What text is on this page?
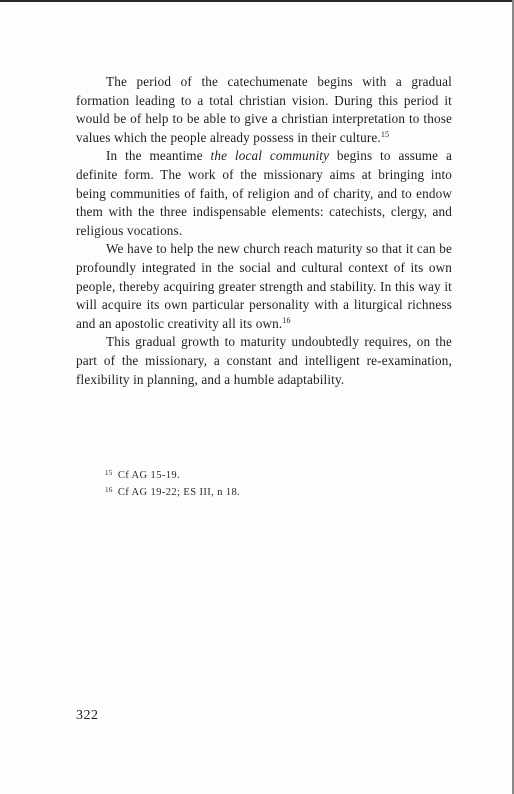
The period of the catechumenate begins with a gradual formation leading to a total christian vision. During this period it would be of help to be able to give a christian interpretation to those values which the people already possess in their culture.$^{15}$

In the meantime the local community begins to assume a definite form. The work of the missionary aims at bringing into being communities of faith, of religion and of charity, and to endow them with the three indispensable elements: catechists, clergy, and religious vocations.

We have to help the new church reach maturity so that it can be profoundly integrated in the social and cultural context of its own people, thereby acquiring greater strength and stability. In this way it will acquire its own particular personality with a liturgical richness and an apostolic creativity all its own.$^{16}$

This gradual growth to maturity undoubtedly requires, on the part of the missionary, a constant and intelligent re-examination, flexibility in planning, and a humble adaptability.

$^{15}$ Cf AG 15-19.
$^{16}$ Cf AG 19-22; ES III, n 18.
322
